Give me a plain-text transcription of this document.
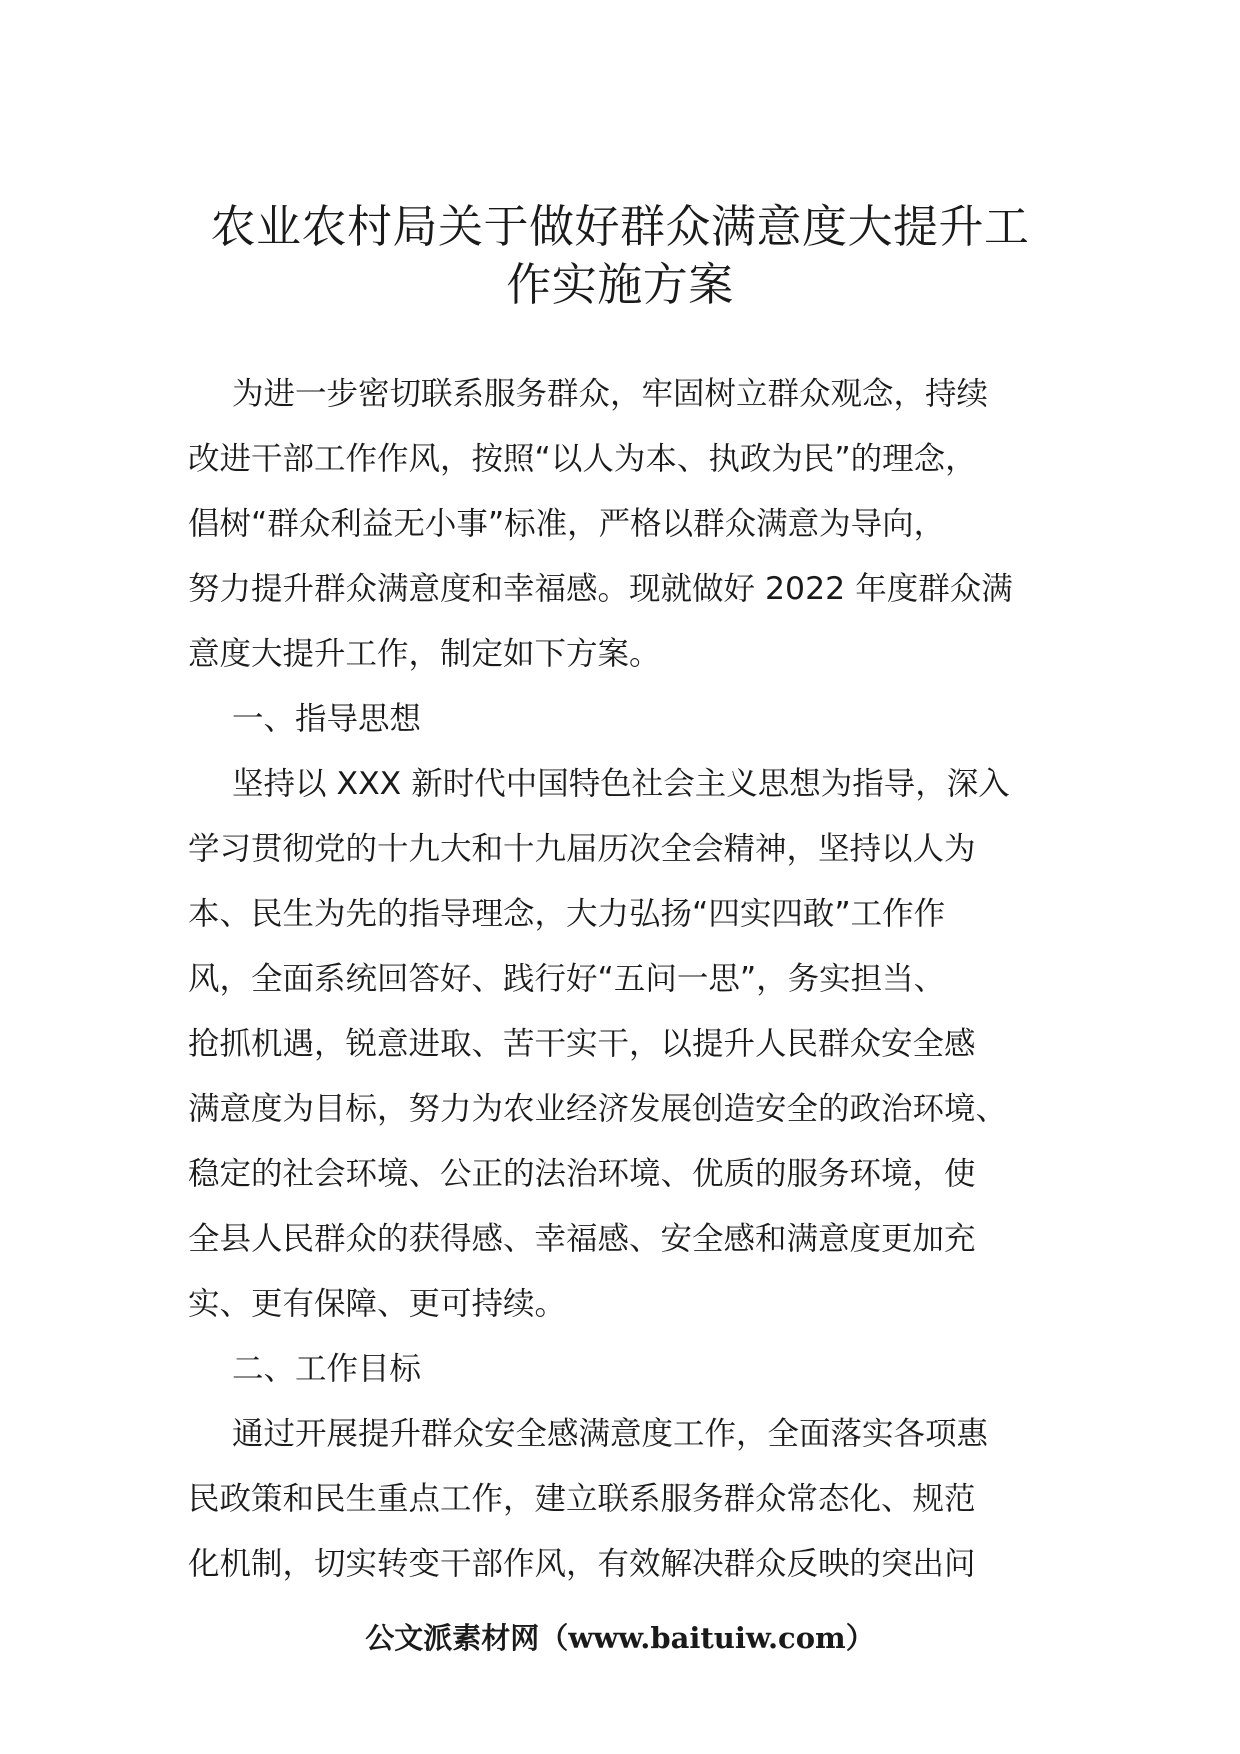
农业农村局关于做好群众满意度大提升工
作实施方案
为进一步密切联系服务群众，牢固树立群众观念，持续
改进干部工作作风，按照“以人为本、执政为民”的理念，
倡树“群众利益无小事”标准，严格以群众满意为导向，
努力提升群众满意度和幸福感。现就做好 2022 年度群众满
意度大提升工作，制定如下方案。
一、指导思想
坚持以 XXX 新时代中国特色社会主义思想为指导，深入
学习贯彻党的十九大和十九届历次全会精神，坚持以人为
本、民生为先的指导理念，大力弘扬“四实四敢”工作作
风，全面系统回答好、践行好“五问一思”，务实担当、
抢抓机遇，锐意进取、苦干实干，以提升人民群众安全感
满意度为目标，努力为农业经济发展创造安全的政治环境、
稳定的社会环境、公正的法治环境、优质的服务环境，使
全县人民群众的获得感、幸福感、安全感和满意度更加充
实、更有保障、更可持续。
二、工作目标
通过开展提升群众安全感满意度工作，全面落实各项惠
民政策和民生重点工作，建立联系服务群众常态化、规范
化机制，切实转变干部作风，有效解决群众反映的突出问
公文派素材网（www.baituiw.com）
